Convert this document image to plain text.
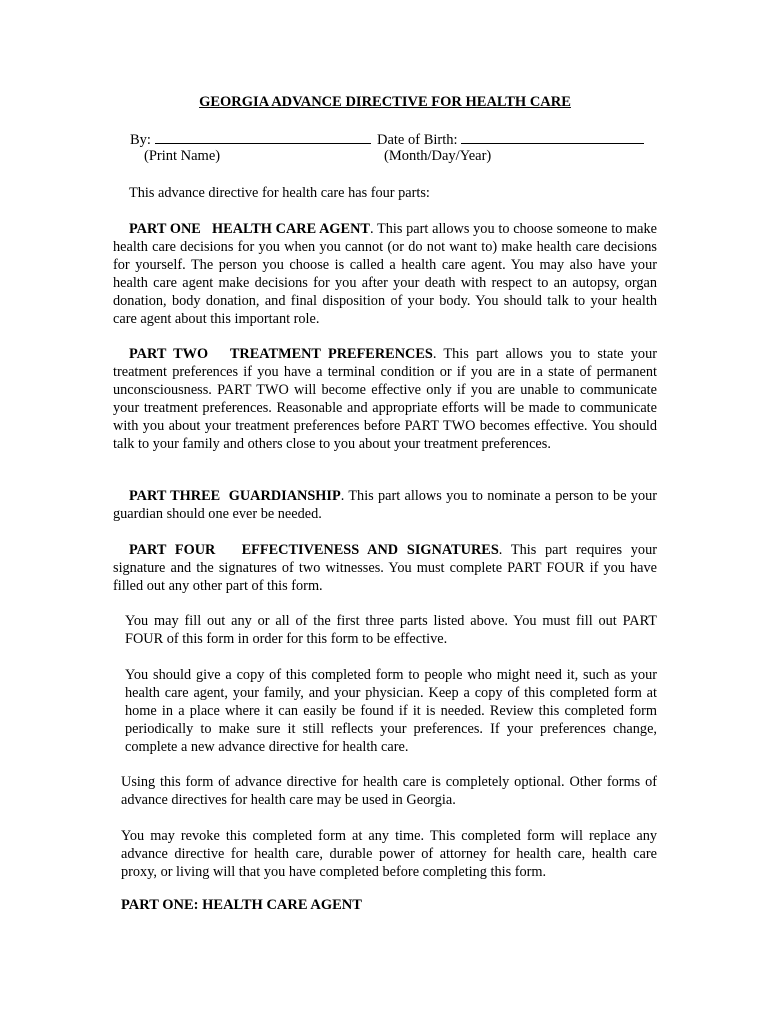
GEORGIA ADVANCE DIRECTIVE FOR HEALTH CARE
By:	Date of Birth:
(Print Name)	(Month/Day/Year)
This advance directive for health care has four parts:
PART ONE HEALTH CARE AGENT. This part allows you to choose someone to make health care decisions for you when you cannot (or do not want to) make health care decisions for yourself. The person you choose is called a health care agent. You may also have your health care agent make decisions for you after your death with respect to an autopsy, organ donation, body donation, and final disposition of your body. You should talk to your health care agent about this important role.
PART TWO TREATMENT PREFERENCES. This part allows you to state your treatment preferences if you have a terminal condition or if you are in a state of permanent unconsciousness. PART TWO will become effective only if you are unable to communicate your treatment preferences. Reasonable and appropriate efforts will be made to communicate with you about your treatment preferences before PART TWO becomes effective. You should talk to your family and others close to you about your treatment preferences.
PART THREE GUARDIANSHIP. This part allows you to nominate a person to be your guardian should one ever be needed.
PART FOUR EFFECTIVENESS AND SIGNATURES. This part requires your signature and the signatures of two witnesses. You must complete PART FOUR if you have filled out any other part of this form.
You may fill out any or all of the first three parts listed above. You must fill out PART FOUR of this form in order for this form to be effective.
You should give a copy of this completed form to people who might need it, such as your health care agent, your family, and your physician. Keep a copy of this completed form at home in a place where it can easily be found if it is needed. Review this completed form periodically to make sure it still reflects your preferences. If your preferences change, complete a new advance directive for health care.
Using this form of advance directive for health care is completely optional. Other forms of advance directives for health care may be used in Georgia.
You may revoke this completed form at any time. This completed form will replace any advance directive for health care, durable power of attorney for health care, health care proxy, or living will that you have completed before completing this form.
PART ONE: HEALTH CARE AGENT
